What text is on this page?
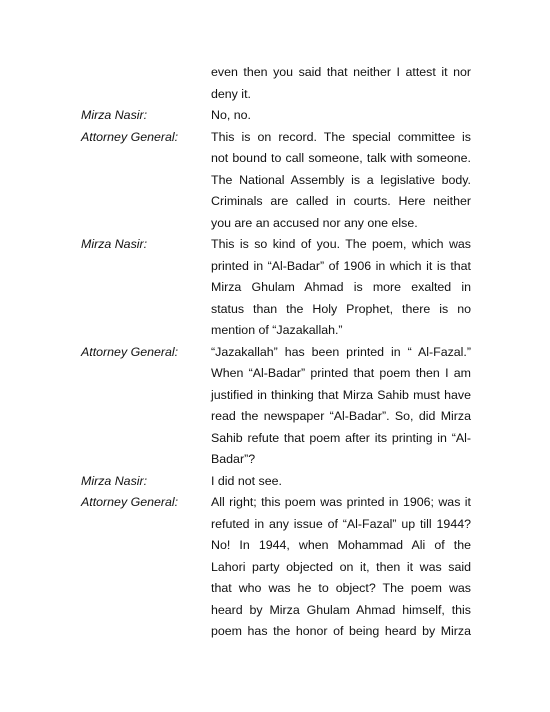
even then you said that neither I attest it nor
deny it.
Mirza Nasir:	No, no.
Attorney General:	This is on record. The special committee is
not bound to call someone, talk with someone.
The National Assembly is a legislative body.
Criminals are called in courts. Here neither
you are an accused nor any one else.
Mirza Nasir:	This is so kind of you. The poem, which was
printed in “Al-Badar” of 1906 in which it is that
Mirza Ghulam Ahmad is more exalted in
status than the Holy Prophet, there is no
mention of “Jazakallah.”
Attorney General:	“Jazakallah” has been printed in “ Al-Fazal.”
When “Al-Badar” printed that poem then I am
justified in thinking that Mirza Sahib must have
read the newspaper “Al-Badar”. So, did Mirza
Sahib refute that poem after its printing in “Al-
Badar”?
Mirza Nasir:	I did not see.
Attorney General:	All right; this poem was printed in 1906; was it
refuted in any issue of “Al-Fazal” up till 1944?
No! In 1944, when Mohammad Ali of the
Lahori party objected on it, then it was said
that who was he to object? The poem was
heard by Mirza Ghulam Ahmad himself, this
poem has the honor of being heard by Mirza
